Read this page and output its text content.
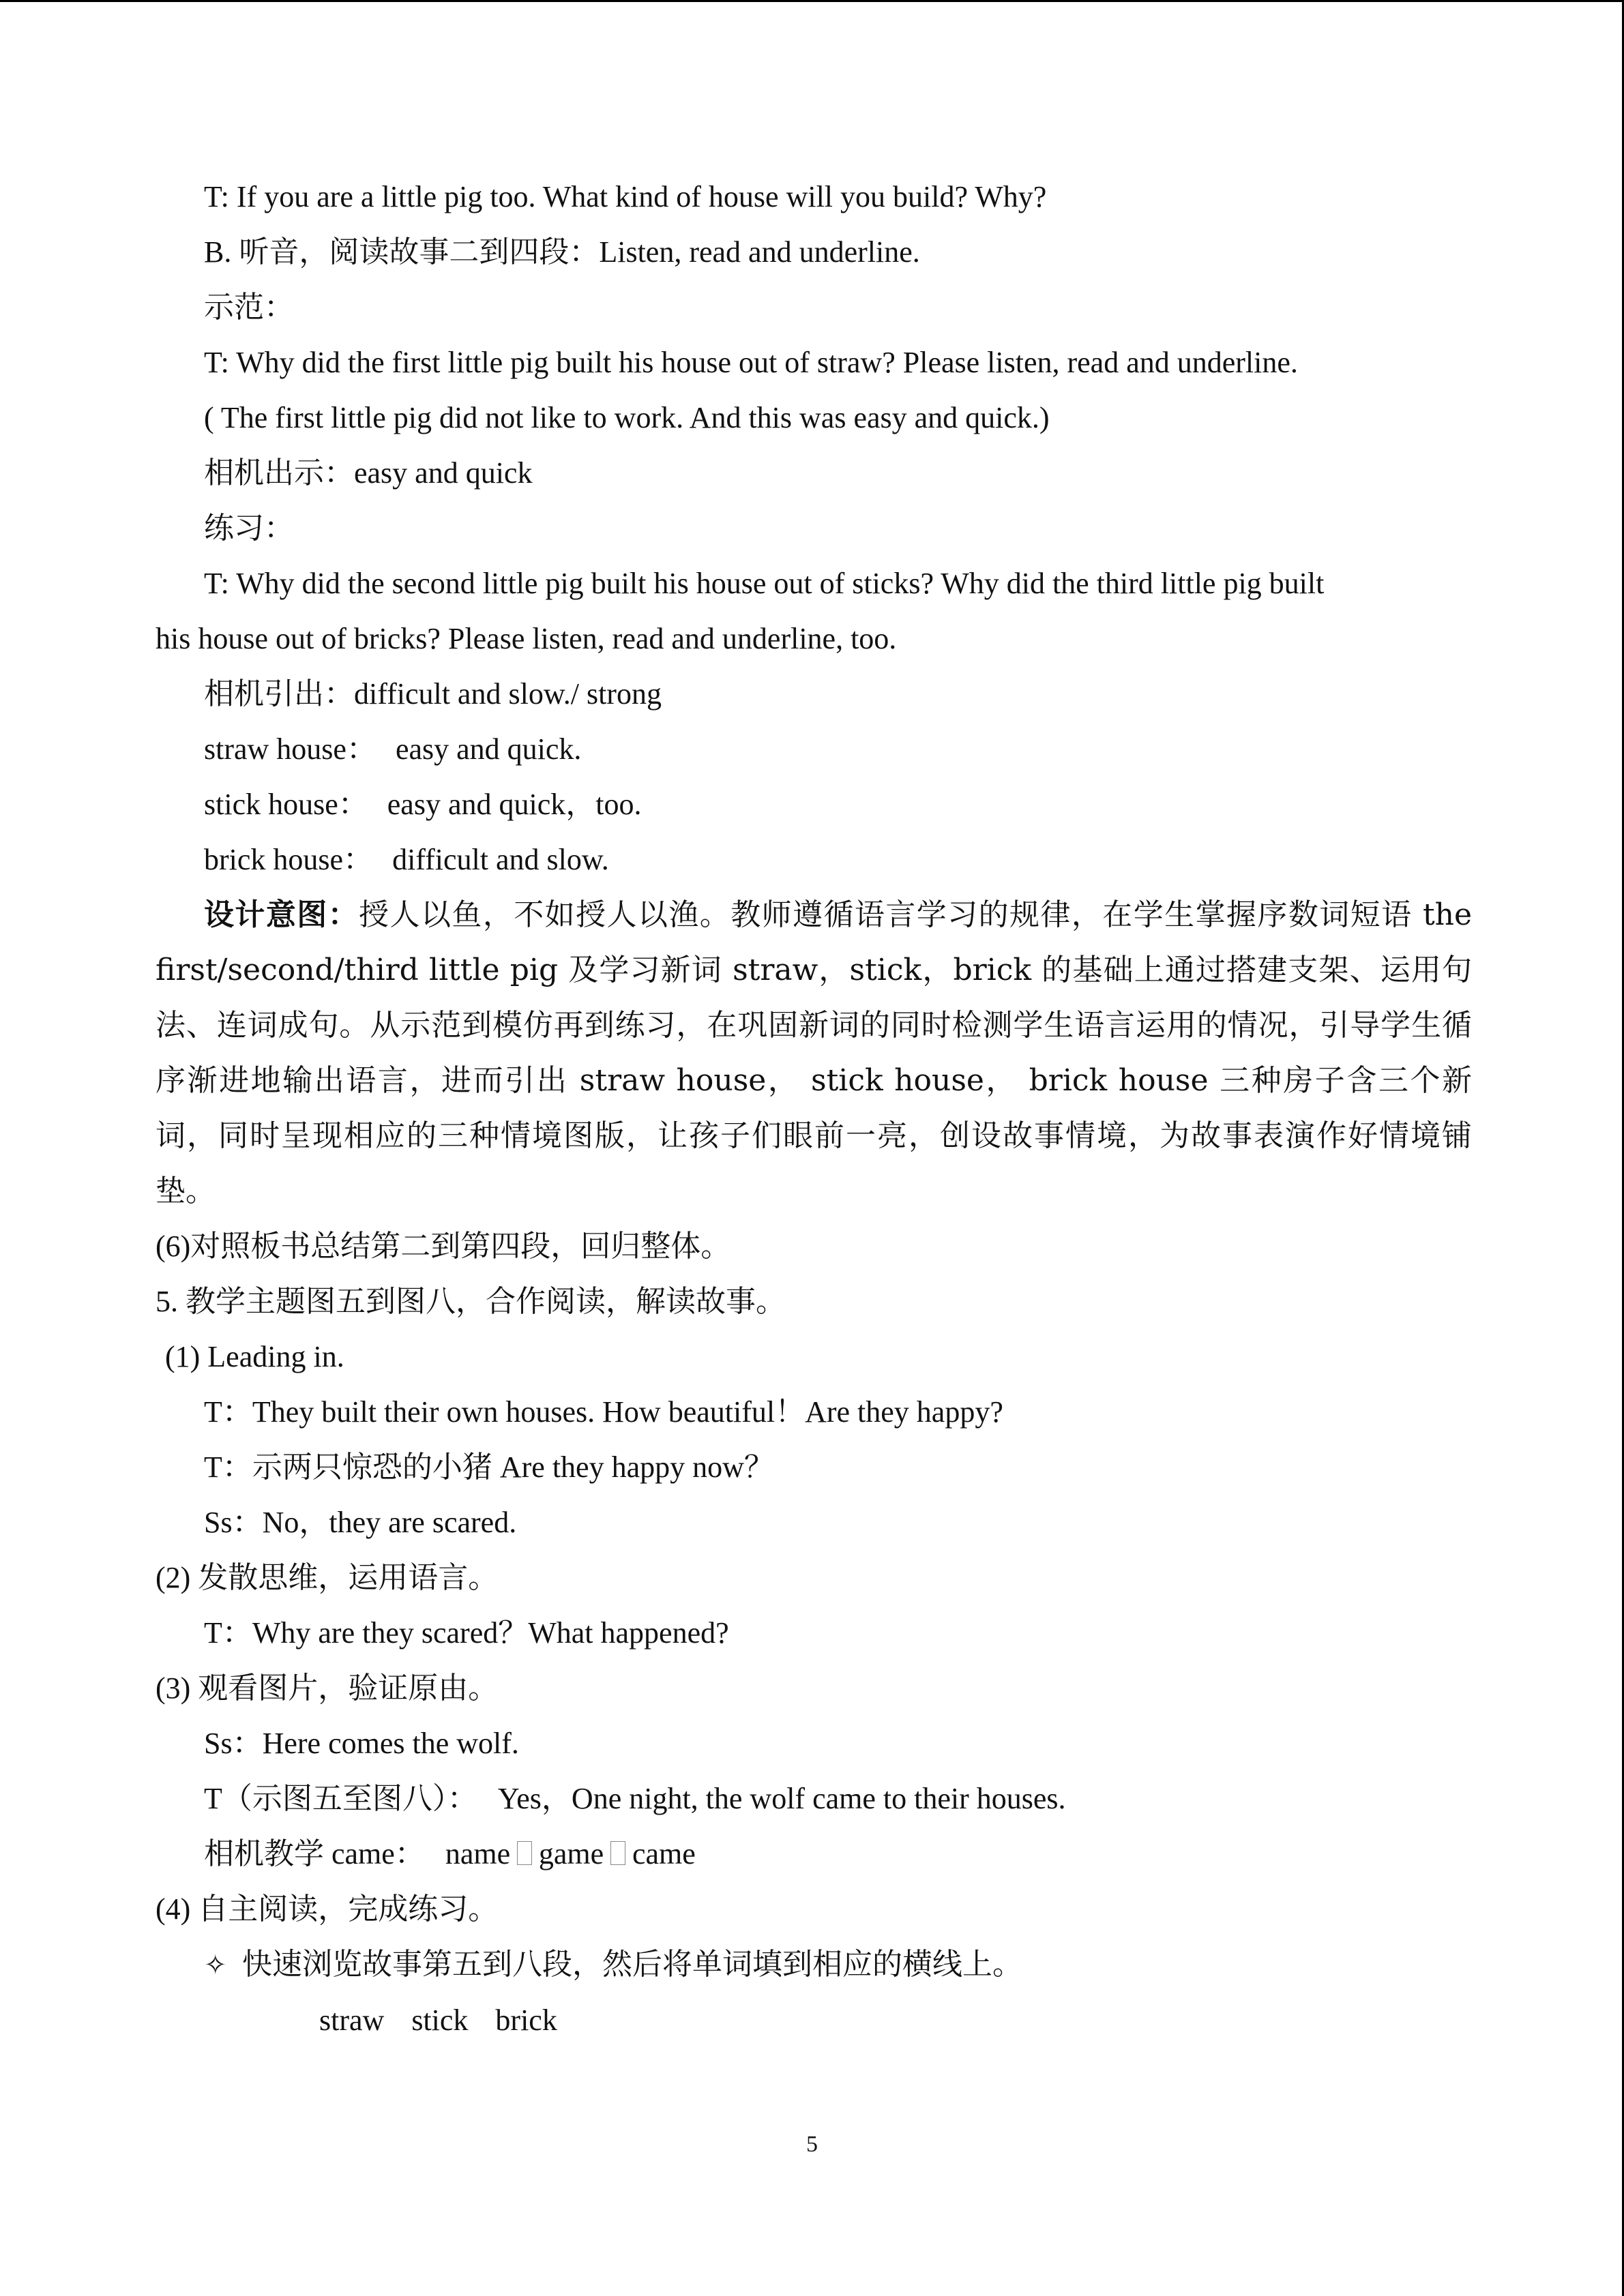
T: If you are a little pig too. What kind of house will you build? Why?
B. 听音，阅读故事二到四段：Listen, read and underline.
示范：
T: Why did the first little pig built his house out of straw? Please listen, read and underline.
( The first little pig did not like to work. And this was easy and quick.)
相机出示：easy and quick
练习：
T: Why did the second little pig built his house out of sticks? Why did the third little pig built
his house out of bricks? Please listen, read and underline, too.
相机引出：difficult and slow./ strong
straw house： easy and quick.
stick house： easy and quick，too.
brick house： difficult and slow.
设计意图：授人以鱼，不如授人以渔。教师遵循语言学习的规律，在学生掌握序数词短语 the first/second/third little pig 及学习新词 straw，stick，brick 的基础上通过搭建支架、运用句法、连词成句。从示范到模仿再到练习，在巩固新词的同时检测学生语言运用的情况，引导学生循序渐进地输出语言，进而引出 straw house， stick house， brick house 三种房子含三个新词，同时呈现相应的三种情境图版，让孩子们眼前一亮，创设故事情境，为故事表演作好情境铺垫。
(6)对照板书总结第二到第四段，回归整体。
5. 教学主题图五到图八，合作阅读，解读故事。
(1) Leading in.
T：They built their own houses. How beautiful！Are they happy?
T：示两只惊恐的小猪 Are they happy now？
Ss：No，they are scared.
(2) 发散思维，运用语言。
T：Why are they scared？What happened?
(3) 观看图片，验证原由。
Ss：Here comes the wolf.
T（示图五至图八）： Yes，One night, the wolf came to their houses.
相机教学 came： name game came
(4) 自主阅读，完成练习。
✧ 快速浏览故事第五到八段，然后将单词填到相应的横线上。
straw stick brick
5
